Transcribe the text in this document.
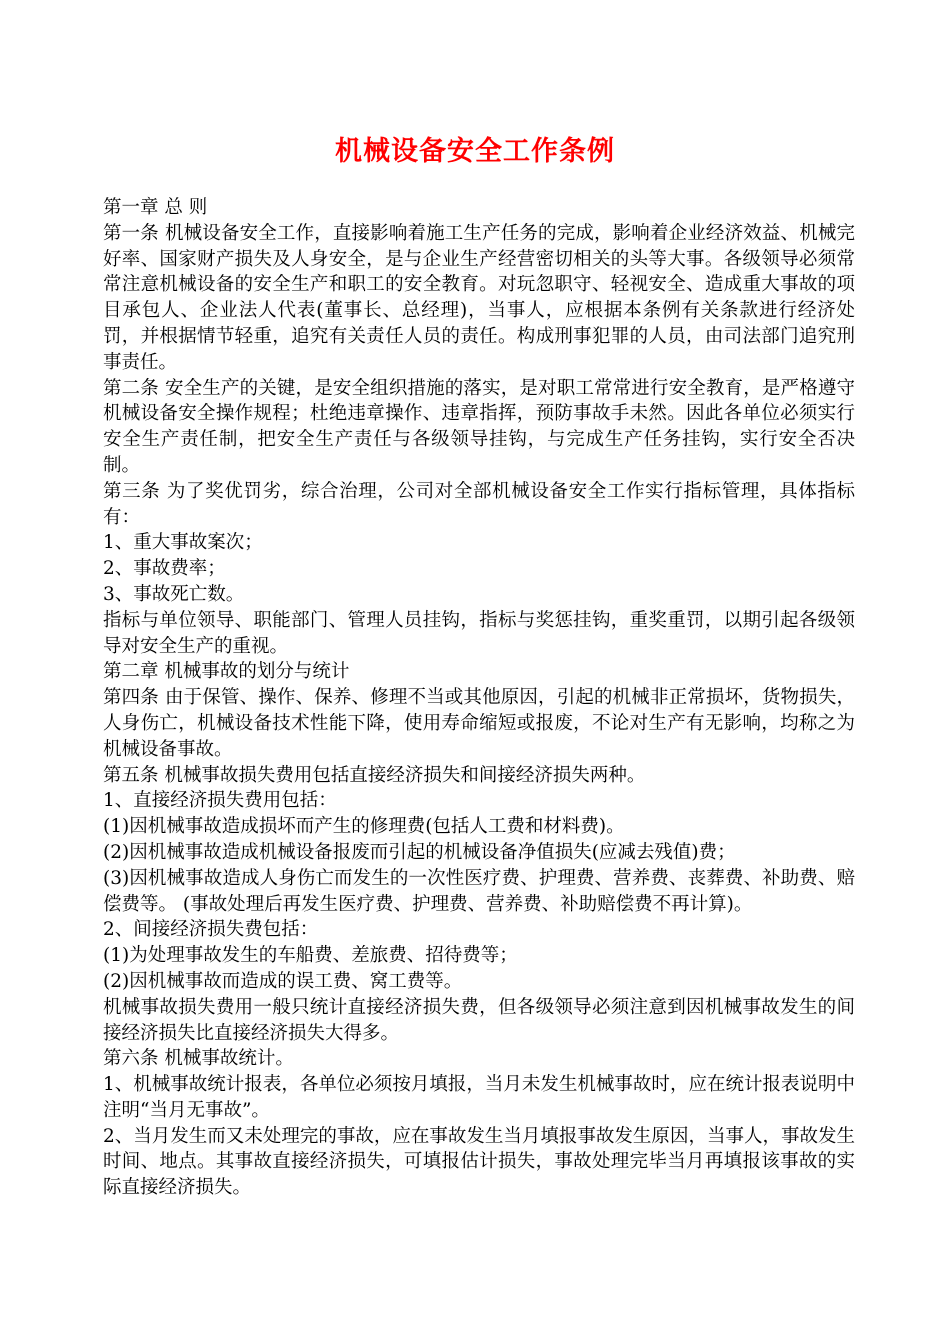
机械设备安全工作条例

第一章 总 则

第一条 机械设备安全工作，直接影响着施工生产任务的完成，影响着企业经济效益、机械完好率、国家财产损失及人身安全，是与企业生产经营密切相关的头等大事。各级领导必须常常注意机械设备的安全生产和职工的安全教育。对玩忽职守、轻视安全、造成重大事故的项目承包人、企业法人代表(董事长、总经理)，当事人，应根据本条例有关条款进行经济处罚，并根据情节轻重，追究有关责任人员的责任。构成刑事犯罪的人员，由司法部门追究刑事责任。

第二条 安全生产的关键，是安全组织措施的落实，是对职工常常进行安全教育，是严格遵守机械设备安全操作规程；杜绝违章操作、违章指挥，预防事故手未然。因此各单位必须实行安全生产责任制，把安全生产责任与各级领导挂钩，与完成生产任务挂钩，实行安全否决制。

第三条 为了奖优罚劣，综合治理，公司对全部机械设备安全工作实行指标管理，具体指标有：

1、重大事故案次；

2、事故费率；

3、事故死亡数。

指标与单位领导、职能部门、管理人员挂钩，指标与奖惩挂钩，重奖重罚，以期引起各级领导对安全生产的重视。

第二章 机械事故的划分与统计

第四条 由于保管、操作、保养、修理不当或其他原因，引起的机械非正常损坏，货物损失，人身伤亡，机械设备技术性能下降，使用寿命缩短或报废，不论对生产有无影响，均称之为机械设备事故。

第五条 机械事故损失费用包括直接经济损失和间接经济损失两种。

1、直接经济损失费用包括：

(1)因机械事故造成损坏而产生的修理费(包括人工费和材料费)。

(2)因机械事故造成机械设备报废而引起的机械设备净值损失(应减去残值)费；

(3)因机械事故造成人身伤亡而发生的一次性医疗费、护理费、营养费、丧葬费、补助费、赔偿费等。 (事故处理后再发生医疗费、护理费、营养费、补助赔偿费不再计算)。

2、间接经济损失费包括：

(1)为处理事故发生的车船费、差旅费、招待费等；

(2)因机械事故而造成的误工费、窝工费等。

机械事故损失费用一般只统计直接经济损失费，但各级领导必须注意到因机械事故发生的间接经济损失比直接经济损失大得多。

第六条 机械事故统计。

1、机械事故统计报表，各单位必须按月填报，当月未发生机械事故时，应在统计报表说明中注明“当月无事故”。

2、当月发生而又未处理完的事故，应在事故发生当月填报事故发生原因，当事人，事故发生时间、地点。其事故直接经济损失，可填报估计损失，事故处理完毕当月再填报该事故的实际直接经济损失。
